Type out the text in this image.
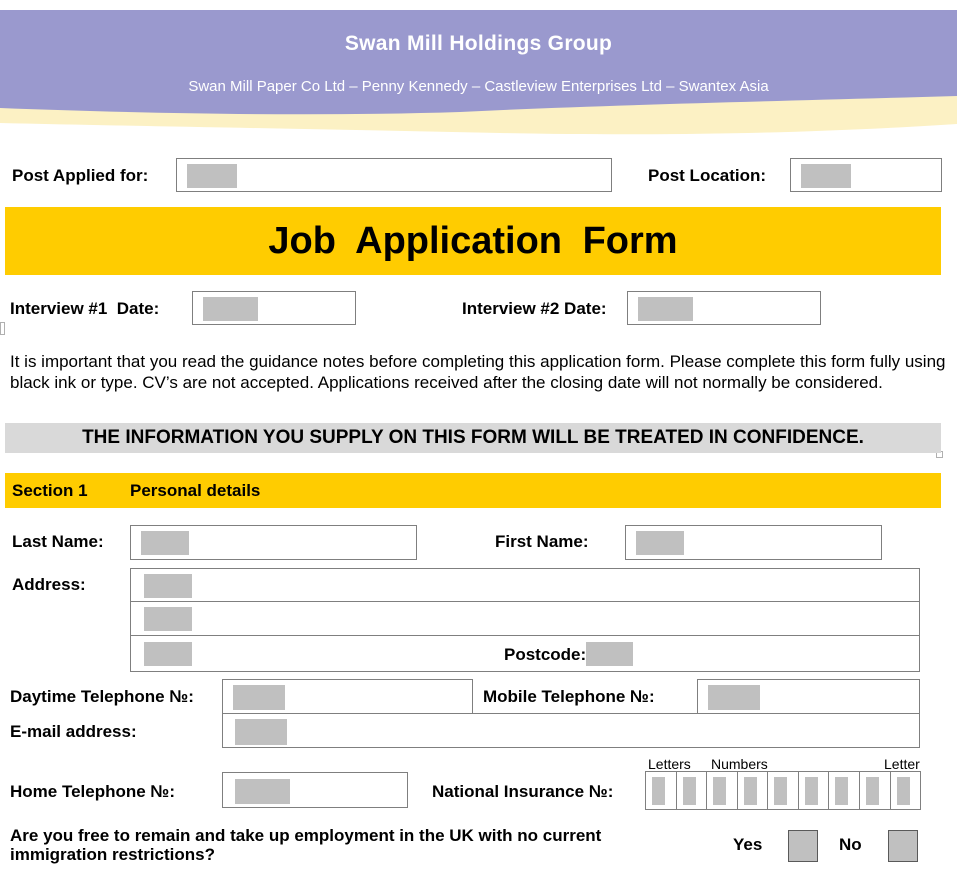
Swan Mill Holdings Group
Swan Mill Paper Co Ltd – Penny Kennedy – Castleview Enterprises Ltd – Swantex Asia
Post Applied for:	Post Location:
Job Application Form
Interview #1  Date:	Interview #2 Date:
It is important that you read the guidance notes before completing this application form. Please complete this form fully using black ink or type. CV’s are not accepted. Applications received after the closing date will not normally be considered.
THE INFORMATION YOU SUPPLY ON THIS FORM WILL BE TREATED IN CONFIDENCE.
Section 1 Personal details
Last Name:	First Name:
Address:
Postcode:
Daytime Telephone №:	Mobile Telephone №:
E-mail address:
Home Telephone №:	National Insurance №:
Letters Numbers	Letter
Are you free to remain and take up employment in the UK with no current
immigration restrictions?
Yes	No
